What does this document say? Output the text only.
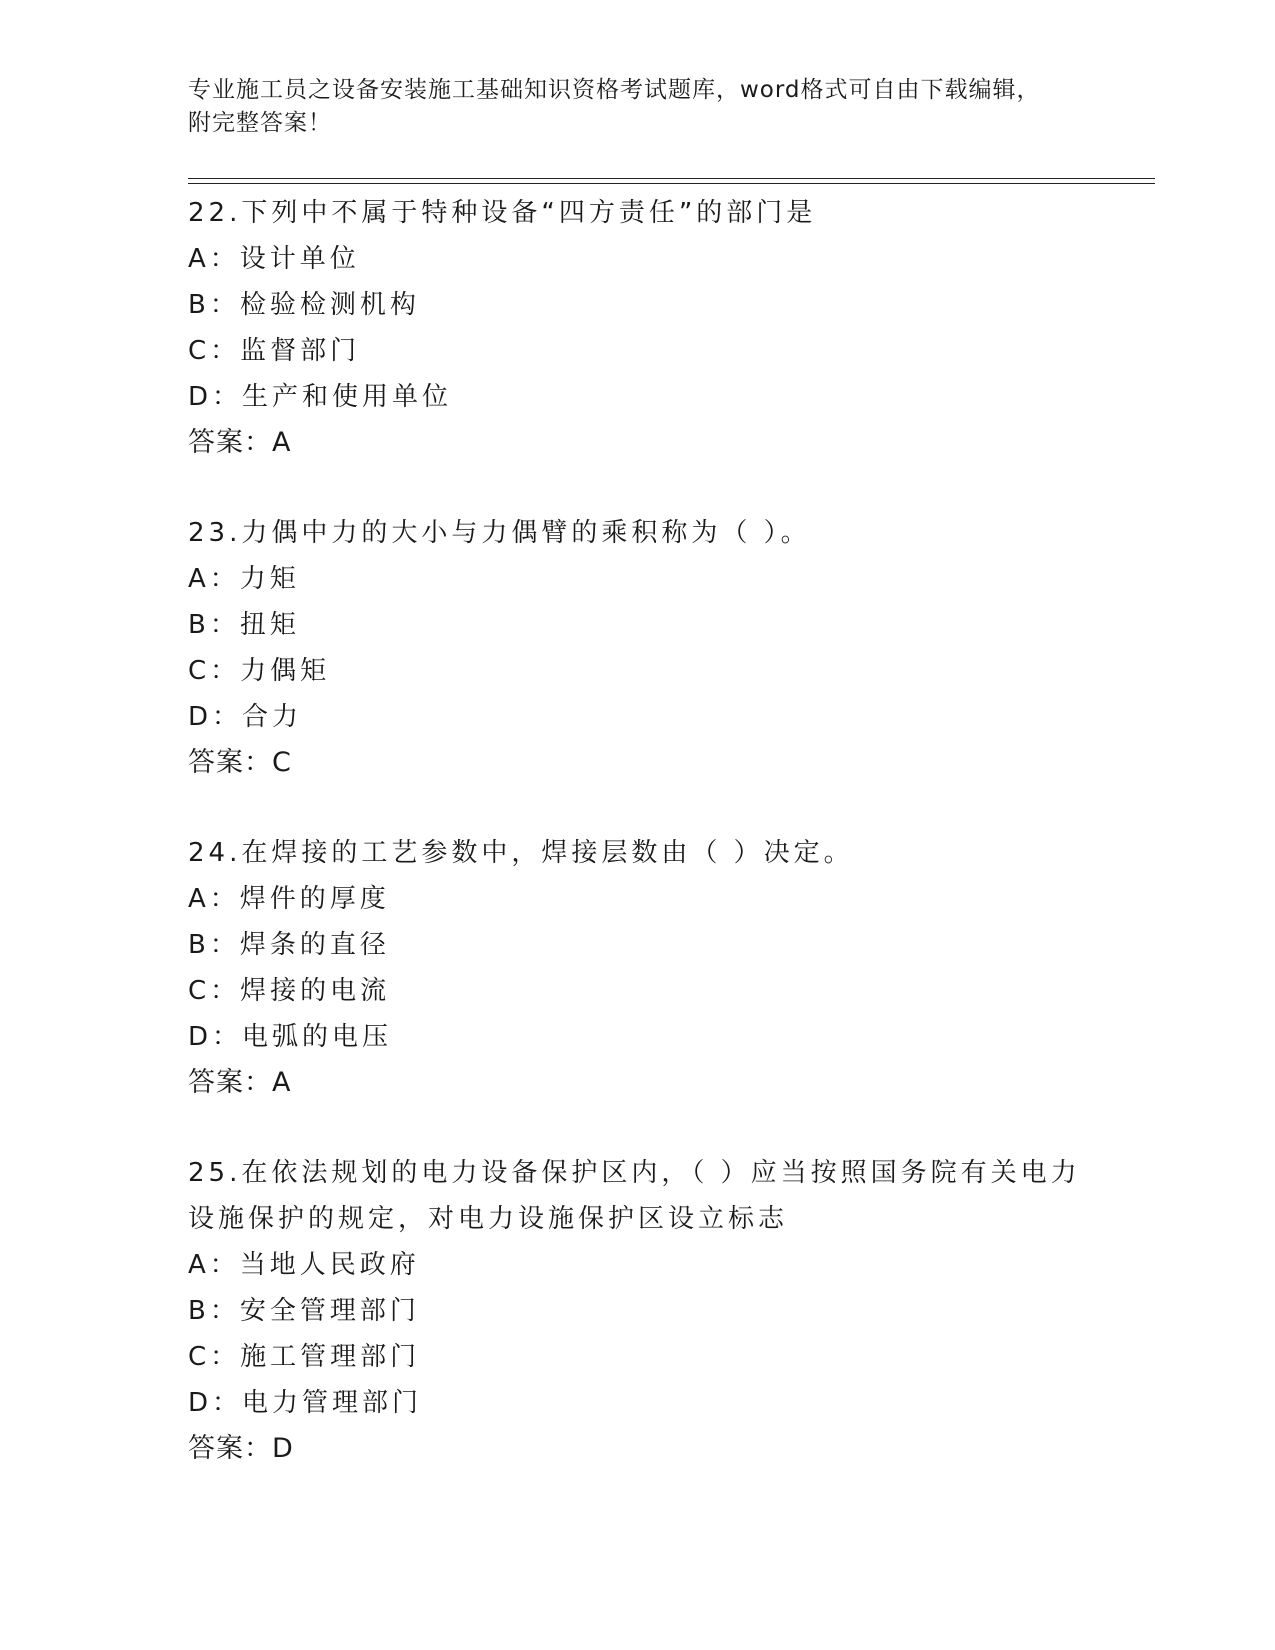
专业施工员之设备安装施工基础知识资格考试题库，word格式可自由下载编辑，
附完整答案！
22.下列中不属于特种设备“四方责任”的部门是
A：设计单位
B：检验检测机构
C：监督部门
D：生产和使用单位
答案：A
23.力偶中力的大小与力偶臂的乘积称为（ ）。
A：力矩
B：扭矩
C：力偶矩
D：合力
答案：C
24.在焊接的工艺参数中，焊接层数由（ ）决定。
A：焊件的厚度
B：焊条的直径
C：焊接的电流
D：电弧的电压
答案：A
25.在依法规划的电力设备保护区内，（ ）应当按照国务院有关电力
设施保护的规定，对电力设施保护区设立标志
A：当地人民政府
B：安全管理部门
C：施工管理部门
D：电力管理部门
答案：D
